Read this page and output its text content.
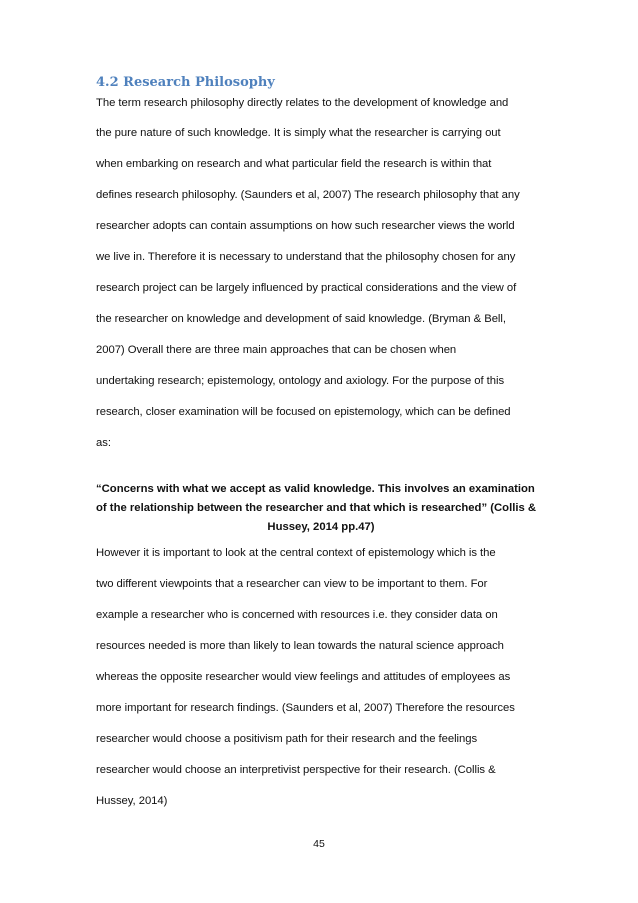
4.2 Research Philosophy
The term research philosophy directly relates to the development of knowledge and
the pure nature of such knowledge. It is simply what the researcher is carrying out
when embarking on research and what particular field the research is within that
defines research philosophy. (Saunders et al, 2007) The research philosophy that any
researcher adopts can contain assumptions on how such researcher views the world
we live in. Therefore it is necessary to understand that the philosophy chosen for any
research project can be largely influenced by practical considerations and the view of
the researcher on knowledge and development of said knowledge. (Bryman & Bell,
2007) Overall there are three main approaches that can be chosen when
undertaking research; epistemology, ontology and axiology. For the purpose of this
research, closer examination will be focused on epistemology, which can be defined
as:
“Concerns with what we accept as valid knowledge. This involves an examination
of the relationship between the researcher and that which is researched” (Collis &
Hussey, 2014 pp.47)
However it is important to look at the central context of epistemology which is the
two different viewpoints that a researcher can view to be important to them. For
example a researcher who is concerned with resources i.e. they consider data on
resources needed is more than likely to lean towards the natural science approach
whereas the opposite researcher would view feelings and attitudes of employees as
more important for research findings. (Saunders et al, 2007) Therefore the resources
researcher would choose a positivism path for their research and the feelings
researcher would choose an interpretivist perspective for their research. (Collis &
Hussey, 2014)
45
